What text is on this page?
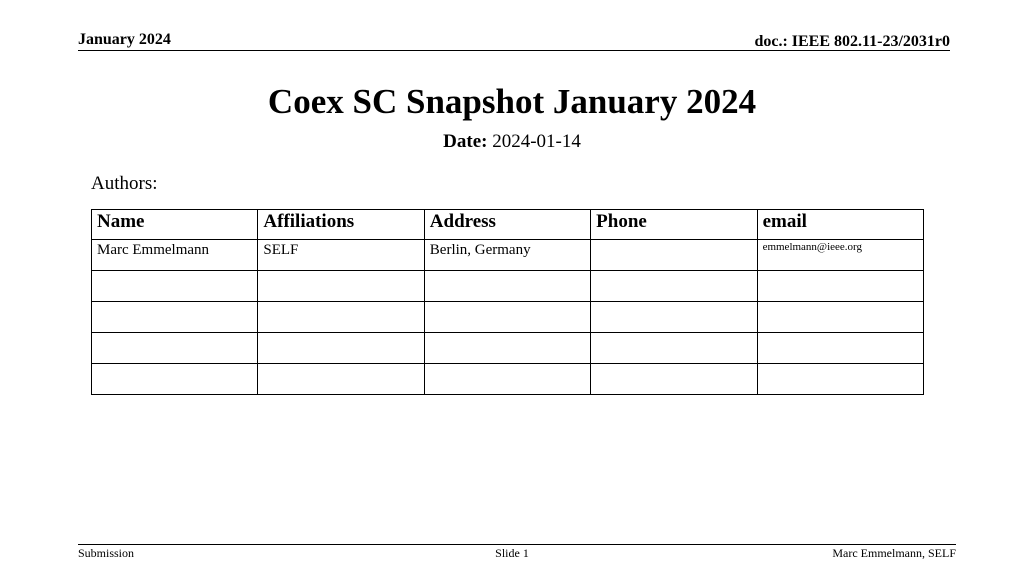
January 2024	doc.: IEEE 802.11-23/2031r0
Coex SC Snapshot January 2024
Date: 2024-01-14
Authors:
Name	Affiliations	Address	Phone	email
Marc Emmelmann	SELF	Berlin, Germany		emmelmann@ieee.org

Submission	Slide 1	Marc Emmelmann, SELF
